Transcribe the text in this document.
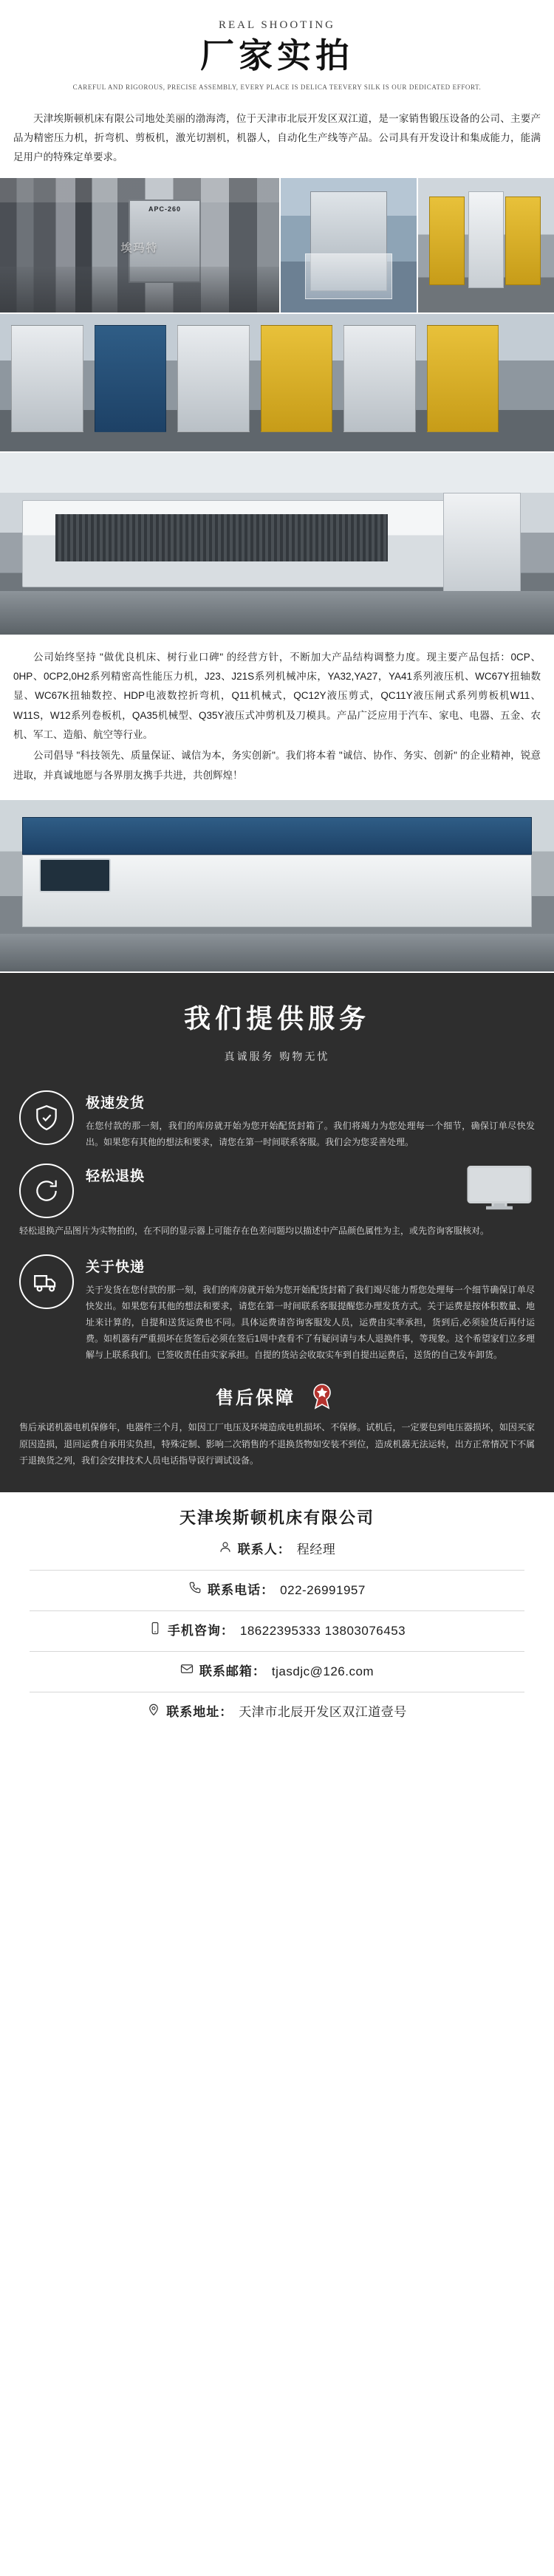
REAL SHOOTING
厂家实拍
CAREFUL AND RIGOROUS, PRECISE ASSEMBLY, EVERY PLACE IS DELICA TEEVERY SILK IS OUR DEDICATED EFFORT.

天津埃斯顿机床有限公司地处美丽的渤海湾，位于天津市北辰开发区双江道，是一家销售锻压设备的公司、主要产品为精密压力机，折弯机、剪板机，激光切割机，机器人，自动化生产线等产品。公司具有开发设计和集成能力，能满足用户的特殊定单要求。

APC-260
埃玛特

公司始终坚持 "做优良机床、树行业口碑" 的经营方针，不断加大产品结构调整力度。现主要产品包括：0CP、0HP、0CP2,0H2系列精密高性能压力机，J23、J21S系列机械冲床，YA32,YA27，YA41系列液压机、WC67Y扭轴数显、WC67K扭轴数控、HDP电液数控折弯机，Q11机械式，QC12Y液压剪式，QC11Y液压闸式系列剪板机W11、W11S，W12系列卷板机，QA35机械型、Q35Y液压式冲剪机及刀模具。产品广泛应用于汽车、家电、电器、五金、农机、军工、造船、航空等行业。

公司倡导 "科技领先、质量保证、诚信为本，务实创新"。我们将本着 "诚信、协作、务实、创新" 的企业精神，锐意进取，并真诚地愿与各界朋友携手共进，共创辉煌！

我们提供服务
真诚服务 购物无忧
极速发货
在您付款的那一刻，我们的库房就开始为您开始配货封箱了。我们将竭力为您处理每一个细节，确保订单尽快发出。如果您有其他的想法和要求，请您在第一时间联系客服。我们会为您妥善处理。
轻松退换
轻松退换产品图片为实物拍的，在不同的显示器上可能存在色差问题均以描述中产品颜色属性为主，或先咨询客服核对。
关于快递
关于发货在您付款的那一刻，我们的库房就开始为您开始配货封箱了我们竭尽能力帮您处理每一个细节确保订单尽快发出。如果您有其他的想法和要求，请您在第一时间联系客服提醒您办理发货方式。关于运费是按体积数量、地址来计算的，自提和送货运费也不同。具体运费请咨询客服发人员，运费由实率承担，货到后,必须验货后再付运费。如机器有严重损坏在货签后必须在签后1周中查看不了有疑问请与本人退换件事，等现象。这个希望家们立多理解与上联系我们。已签收责任由实家承担。自提的货站会收取实车到自提出运费后，送货的自己发车卸货。
售后保障
售后承诺机器电机保修年，电器件三个月，如因工厂电压及环境造成电机损坏、不保修。试机后，一定要包到电压器损坏，如因买家原因造损，退回运费自承用实负担，特殊定制、影响二次销售的不退换货物如安装不到位，造成机器无法运转，出方正常情况下不属于退换货之列，我们会安排技术人员电话指导误行调试设备。
天津埃斯顿机床有限公司
联系人： 程经理
联系电话： 022-26991957
手机咨询： 18622395333 13803076453
联系邮箱： tjasdjc@126.com
联系地址： 天津市北辰开发区双江道壹号
